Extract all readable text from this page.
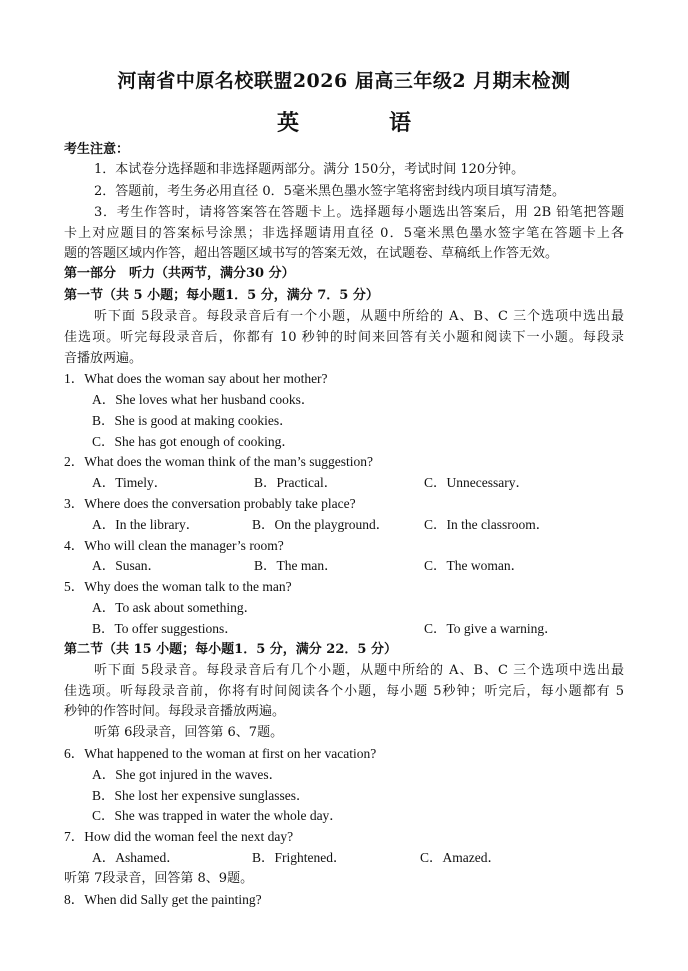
河南省中原名校联盟2026 届高三年级2 月期末检测
英　语
考生注意：
1．本试卷分选择题和非选择题两部分。满分 150分，考试时间 120分钟。
2．答题前，考生务必用直径 0．5毫米黑色墨水签字笔将密封线内项目填写清楚。
3．考生作答时，请将答案答在答题卡上。选择题每小题选出答案后，用 2B 铅笔把答题
卡上对应题目的答案标号涂黑；非选择题请用直径 0．5毫米黑色墨水签字笔在答题卡上各
题的答题区域内作答，超出答题区域书写的答案无效，在试题卷、草稿纸上作答无效。
第一部分　听力（共两节，满分30 分）
第一节（共 5 小题；每小题1．5 分，满分 7．5 分）
听下面 5段录音。每段录音后有一个小题，从题中所给的 A、B、C 三个选项中选出最
佳选项。听完每段录音后，你都有 10 秒钟的时间来回答有关小题和阅读下一小题。每段录
音播放两遍。
1．What does the woman say about her mother?
A．She loves what her husband cooks．
B．She is good at making cookies．
C．She has got enough of cooking．
2．What does the woman think of the man’s suggestion?
A．Timely．	B．Practical．	C．Unnecessary．
3．Where does the conversation probably take place?
A．In the library．	B．On the playground．	C．In the classroom．
4．Who will clean the manager’s room?
A．Susan．	B．The man．	C．The woman．
5．Why does the woman talk to the man?
A．To ask about something．
B．To offer suggestions．	C．To give a warning．
第二节（共 15 小题；每小题1．5 分，满分 22．5 分）
听下面 5段录音。每段录音后有几个小题，从题中所给的 A、B、C 三个选项中选出最
佳选项。听每段录音前，你将有时间阅读各个小题，每小题 5秒钟；听完后，每小题都有 5
秒钟的作答时间。每段录音播放两遍。
听第 6段录音，回答第 6、7题。
6．What happened to the woman at first on her vacation?
A．She got injured in the waves．
B．She lost her expensive sunglasses．
C．She was trapped in water the whole day．
7．How did the woman feel the next day?
A．Ashamed．	B．Frightened．	C．Amazed．
听第 7段录音，回答第 8、9题。
8．When did Sally get the painting?
